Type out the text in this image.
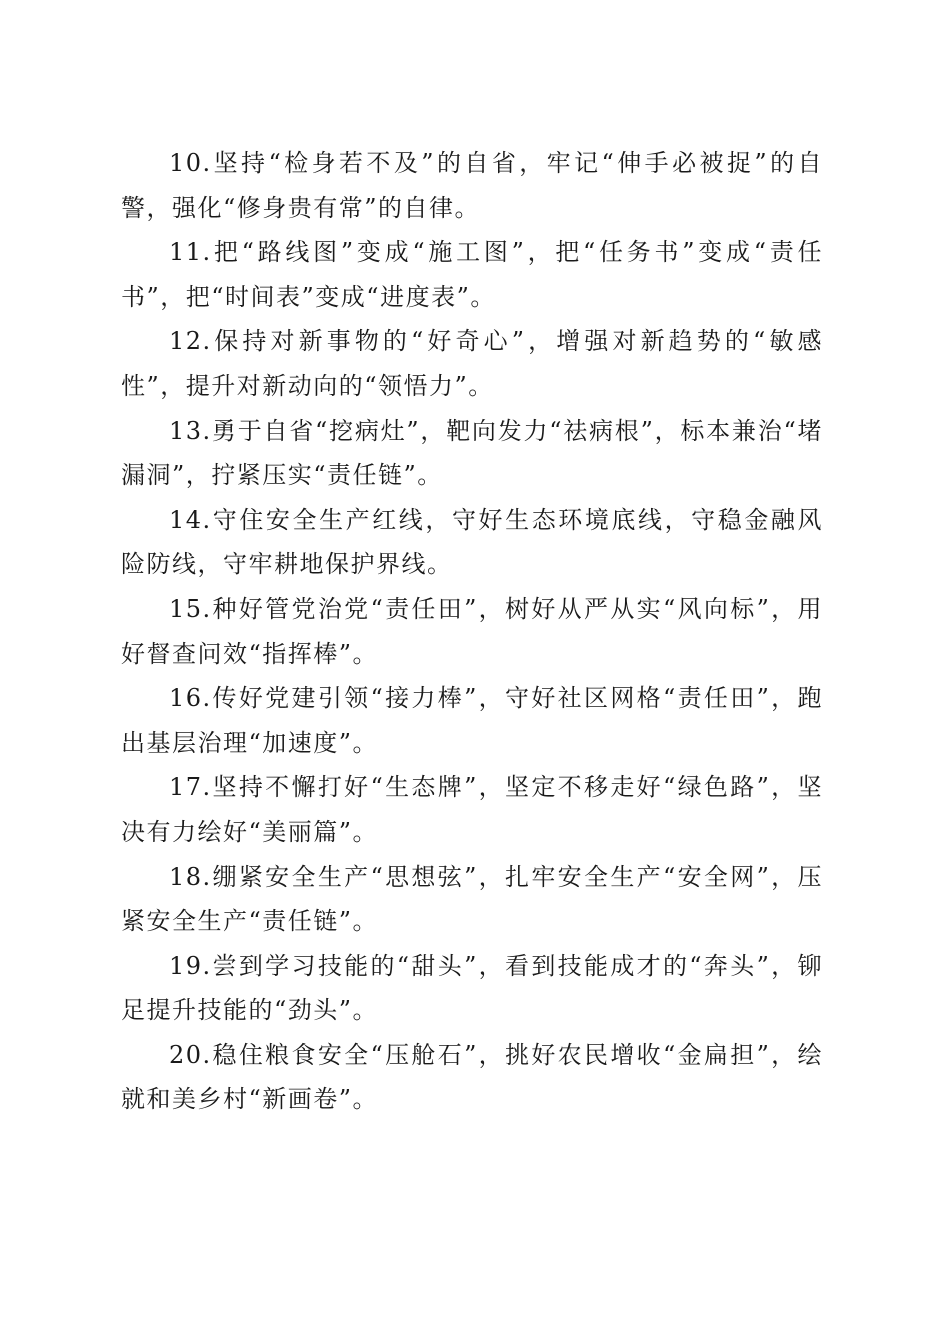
10.坚持“检身若不及”的自省，牢记“伸手必被捉”的自警，强化“修身贵有常”的自律。

11.把“路线图”变成“施工图”，把“任务书”变成“责任书”，把“时间表”变成“进度表”。

12.保持对新事物的“好奇心”，增强对新趋势的“敏感性”，提升对新动向的“领悟力”。

13.勇于自省“挖病灶”，靶向发力“祛病根”，标本兼治“堵漏洞”，拧紧压实“责任链”。

14.守住安全生产红线，守好生态环境底线，守稳金融风险防线，守牢耕地保护界线。

15.种好管党治党“责任田”，树好从严从实“风向标”，用好督查问效“指挥棒”。

16.传好党建引领“接力棒”，守好社区网格“责任田”，跑出基层治理“加速度”。

17.坚持不懈打好“生态牌”，坚定不移走好“绿色路”，坚决有力绘好“美丽篇”。

18.绷紧安全生产“思想弦”，扎牢安全生产“安全网”，压紧安全生产“责任链”。

19.尝到学习技能的“甜头”，看到技能成才的“奔头”，铆足提升技能的“劲头”。

20.稳住粮食安全“压舱石”，挑好农民增收“金扁担”，绘就和美乡村“新画卷”。
